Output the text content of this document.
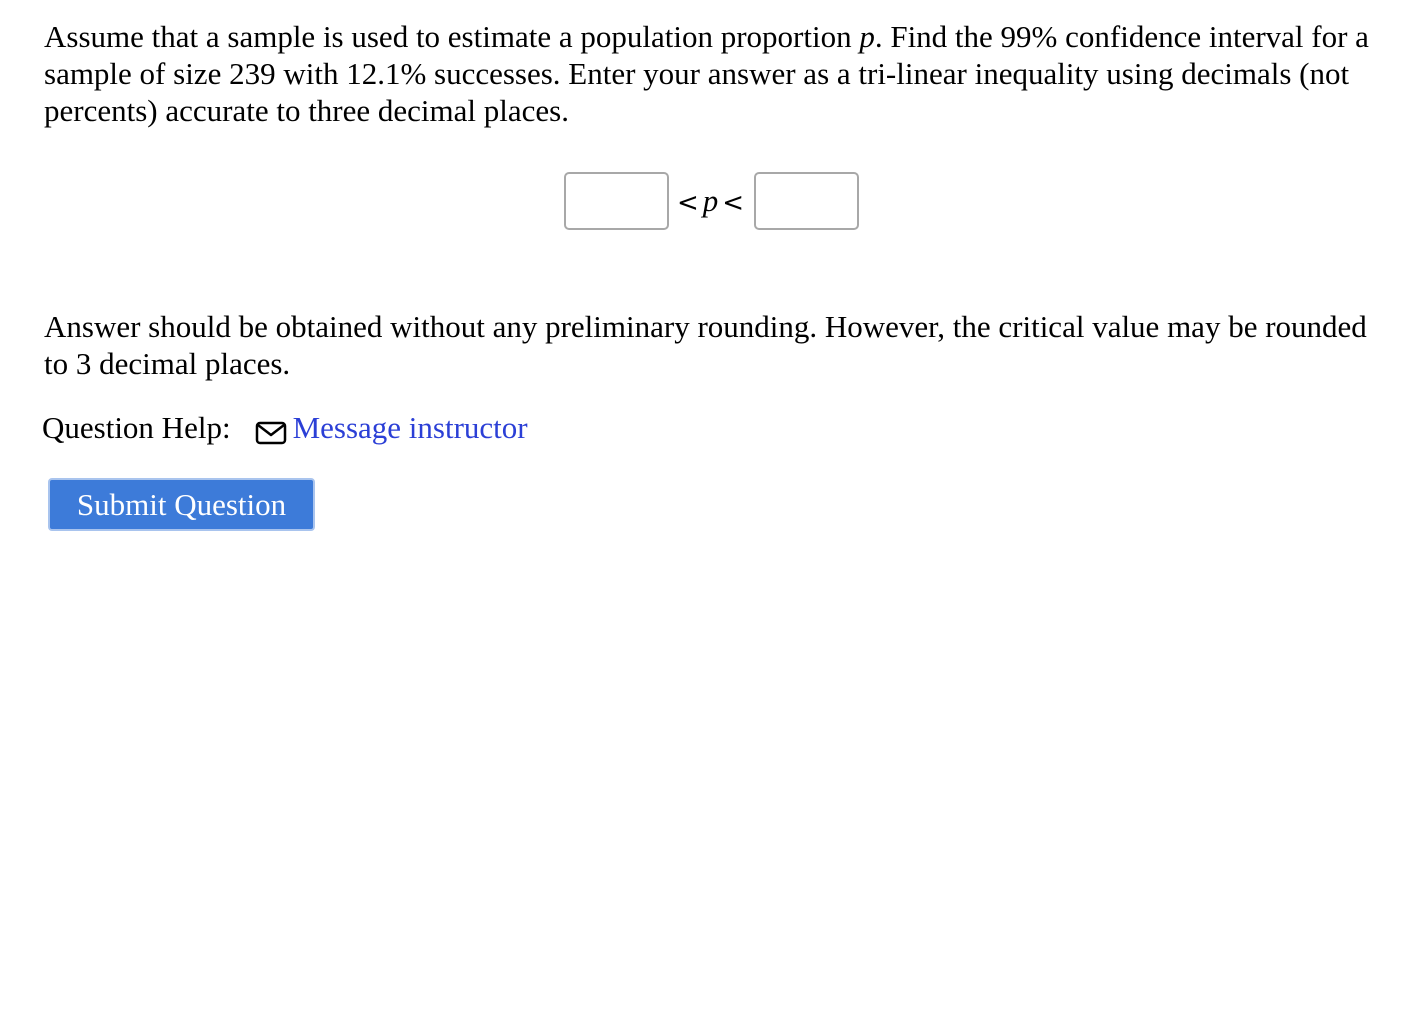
Assume that a sample is used to estimate a population proportion p. Find the 99% confidence interval for a sample of size 239 with 12.1% successes. Enter your answer as a tri-linear inequality using decimals (not percents) accurate to three decimal places.

< p <

Answer should be obtained without any preliminary rounding. However, the critical value may be rounded to 3 decimal places.

Question Help: Message instructor
Submit Question
